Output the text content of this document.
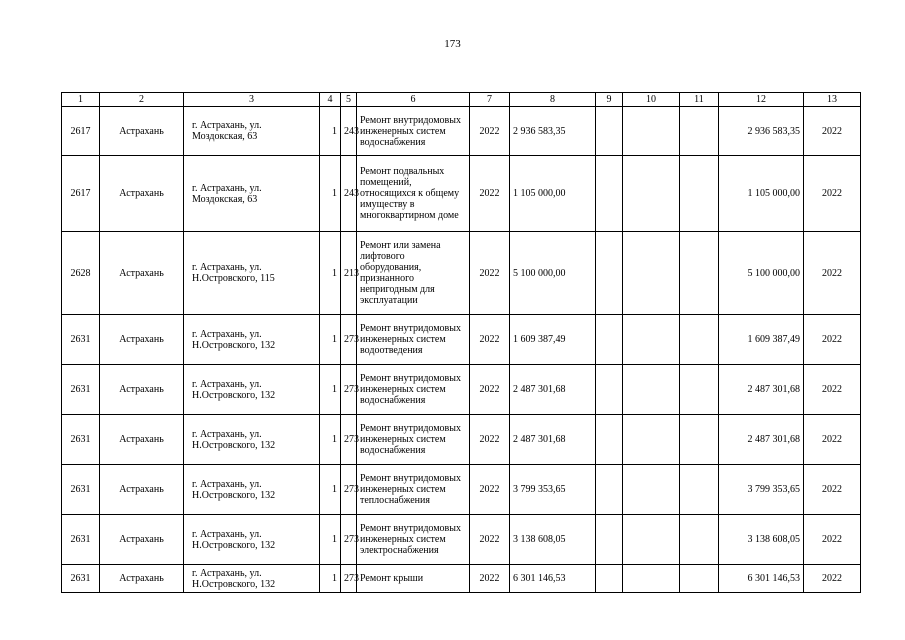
173
1	2	3	4	5	6	7	8	9	10	11	12	13
2617	Астрахань	г. Астрахань, ул.
Моздокская, 63	1	243	Ремонт внутридомовых инженерных систем водоснабжения	2022	2 936 583,35				2 936 583,35	2022
2617	Астрахань	г. Астрахань, ул.
Моздокская, 63	1	243	Ремонт подвальных помещений, относящихся к общему имуществу в многоквартирном доме	2022	1 105 000,00				1 105 000,00	2022
2628	Астрахань	г. Астрахань, ул.
Н.Островского, 115	1	213	Ремонт или замена лифтового оборудования, признанного непригодным для эксплуатации	2022	5 100 000,00				5 100 000,00	2022
2631	Астрахань	г. Астрахань, ул.
Н.Островского, 132	1	273	Ремонт внутридомовых инженерных систем водоотведения	2022	1 609 387,49				1 609 387,49	2022
2631	Астрахань	г. Астрахань, ул.
Н.Островского, 132	1	273	Ремонт внутридомовых инженерных систем водоснабжения	2022	2 487 301,68				2 487 301,68	2022
2631	Астрахань	г. Астрахань, ул.
Н.Островского, 132	1	273	Ремонт внутридомовых инженерных систем водоснабжения	2022	2 487 301,68				2 487 301,68	2022
2631	Астрахань	г. Астрахань, ул.
Н.Островского, 132	1	273	Ремонт внутридомовых инженерных систем теплоснабжения	2022	3 799 353,65				3 799 353,65	2022
2631	Астрахань	г. Астрахань, ул.
Н.Островского, 132	1	273	Ремонт внутридомовых инженерных систем электроснабжения	2022	3 138 608,05				3 138 608,05	2022
2631	Астрахань	г. Астрахань, ул.
Н.Островского, 132	1	273	Ремонт крыши	2022	6 301 146,53				6 301 146,53	2022
